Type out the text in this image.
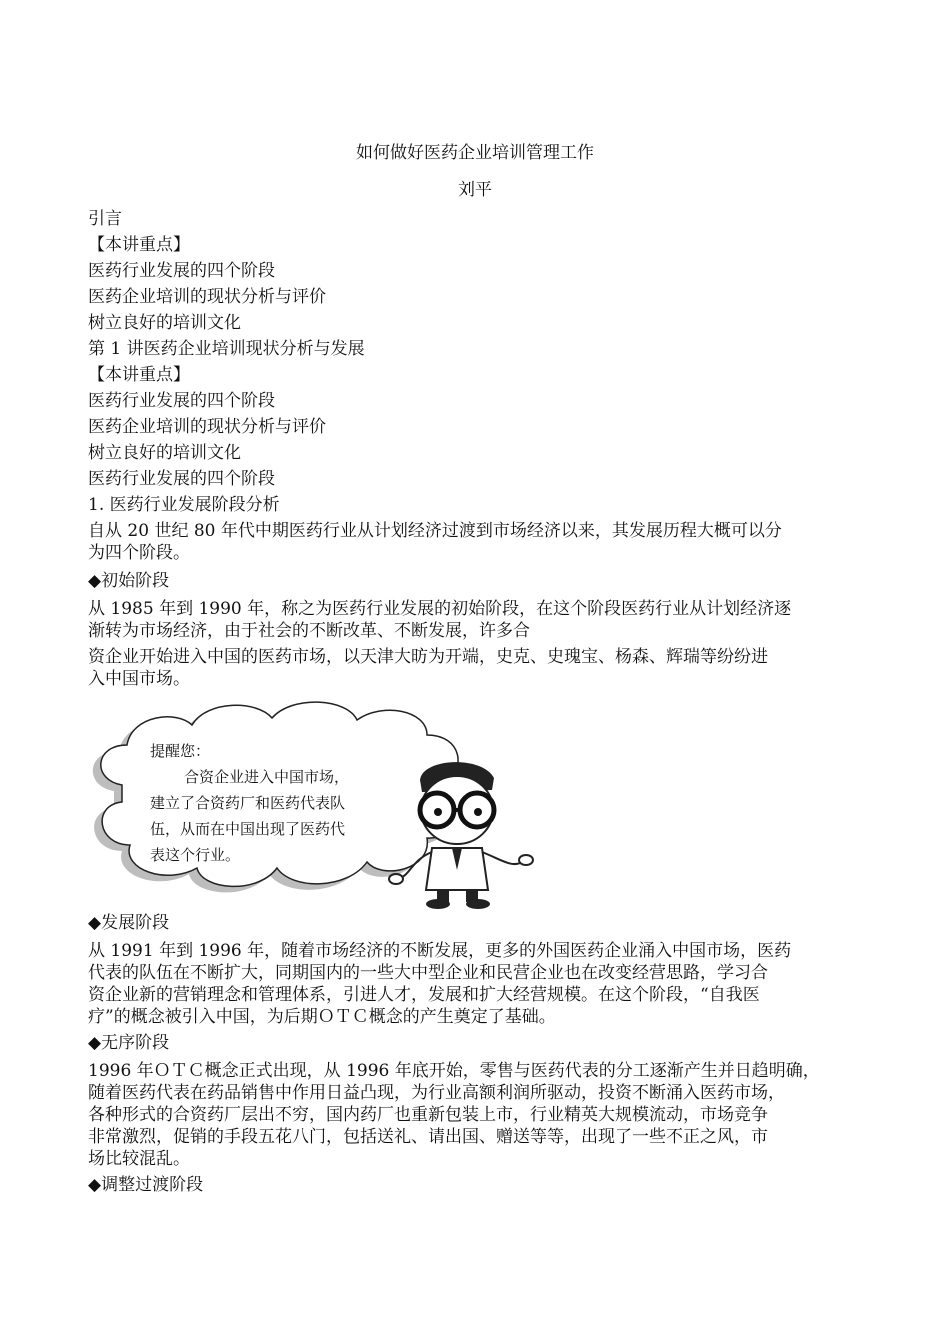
如何做好医药企业培训管理工作
刘平
引言
【本讲重点】
医药行业发展的四个阶段
医药企业培训的现状分析与评价
树立良好的培训文化
第 1 讲医药企业培训现状分析与发展
【本讲重点】
医药行业发展的四个阶段
医药企业培训的现状分析与评价
树立良好的培训文化
医药行业发展的四个阶段
1. 医药行业发展阶段分析
自从 20 世纪 80 年代中期医药行业从计划经济过渡到市场经济以来，其发展历程大概可以分
为四个阶段。
◆初始阶段
从 1985 年到 1990 年，称之为医药行业发展的初始阶段，在这个阶段医药行业从计划经济逐
渐转为市场经济，由于社会的不断改革、不断发展，许多合
资企业开始进入中国的医药市场，以天津大昉为开端，史克、史瑰宝、杨森、辉瑞等纷纷进
入中国市场。
提醒您：
合资企业进入中国市场，
建立了合资药厂和医药代表队
伍，从而在中国出现了医药代
表这个行业。
◆发展阶段
从 1991 年到 1996 年，随着市场经济的不断发展，更多的外国医药企业涌入中国市场，医药
代表的队伍在不断扩大，同期国内的一些大中型企业和民营企业也在改变经营思路，学习合
资企业新的营销理念和管理体系，引进人才，发展和扩大经营规模。在这个阶段，“自我医
疗”的概念被引入中国，为后期ＯＴＣ概念的产生奠定了基础。
◆无序阶段
1996 年ＯＴＣ概念正式出现，从 1996 年底开始，零售与医药代表的分工逐渐产生并日趋明确，
随着医药代表在药品销售中作用日益凸现，为行业高额利润所驱动，投资不断涌入医药市场，
各种形式的合资药厂层出不穷，国内药厂也重新包装上市，行业精英大规模流动，市场竞争
非常激烈，促销的手段五花八门，包括送礼、请出国、赠送等等，出现了一些不正之风，市
场比较混乱。
◆调整过渡阶段
